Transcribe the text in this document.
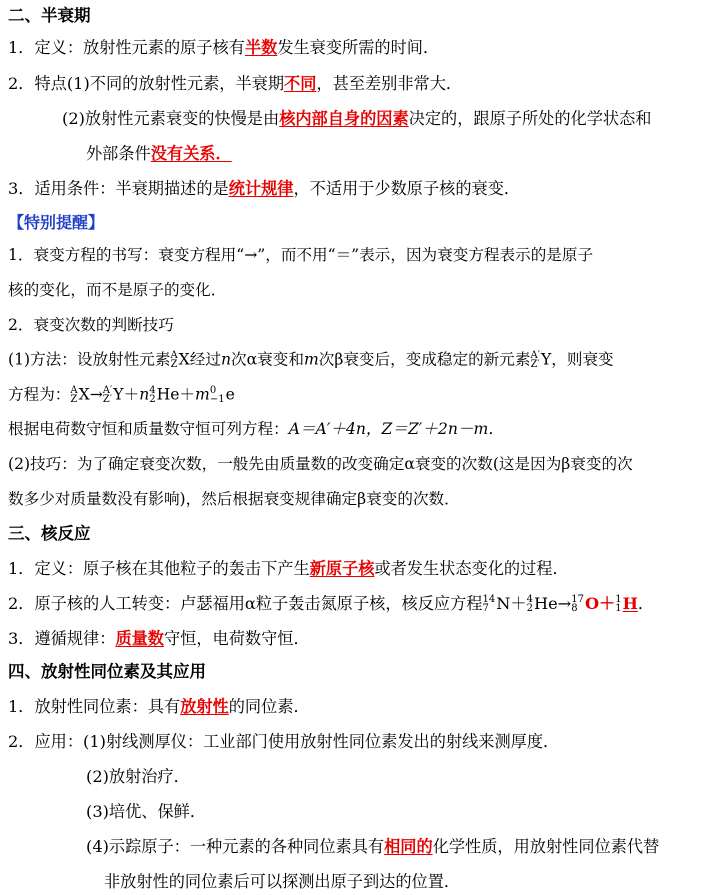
二、半衰期
1．定义：放射性元素的原子核有半数发生衰变所需的时间．
2．特点(1)不同的放射性元素，半衰期不同，甚至差别非常大．
(2)放射性元素衰变的快慢是由核内部自身的因素决定的，跟原子所处的化学状态和
外部条件没有关系．
3．适用条件：半衰期描述的是统计规律，不适用于少数原子核的衰变．
【特别提醒】
1．衰变方程的书写：衰变方程用“→”，而不用“＝”表示，因为衰变方程表示的是原子
核的变化，而不是原子的变化．
2．衰变次数的判断技巧
(1)方法：设放射性元素 A
Z X经过n次α衰变和m次β衰变后，变成稳定的新元素 A′
Z′ Y，则衰变
方程为： A
Z X→ A′
Z′ Y＋n 4
2 He＋m 0
−1 e
根据电荷数守恒和质量数守恒可列方程：A＝A′＋4n，Z＝Z′＋2n－m．
(2)技巧：为了确定衰变次数，一般先由质量数的改变确定α衰变的次数(这是因为β衰变的次
数多少对质量数没有影响)，然后根据衰变规律确定β衰变的次数．
三、核反应
1．定义：原子核在其他粒子的轰击下产生新原子核或者发生状态变化的过程．
2．原子核的人工转变：卢瑟福用α粒子轰击氮原子核，核反应方程 14
7 N＋ 4
2 He→ 17
8 O＋ 1
1 H．
3．遵循规律：质量数守恒，电荷数守恒．
四、放射性同位素及其应用
1．放射性同位素：具有放射性的同位素．
2．应用：(1)射线测厚仪：工业部门使用放射性同位素发出的射线来测厚度．
(2)放射治疗．
(3)培优、保鲜．
(4)示踪原子：一种元素的各种同位素具有相同的化学性质，用放射性同位素代替
非放射性的同位素后可以探测出原子到达的位置．
